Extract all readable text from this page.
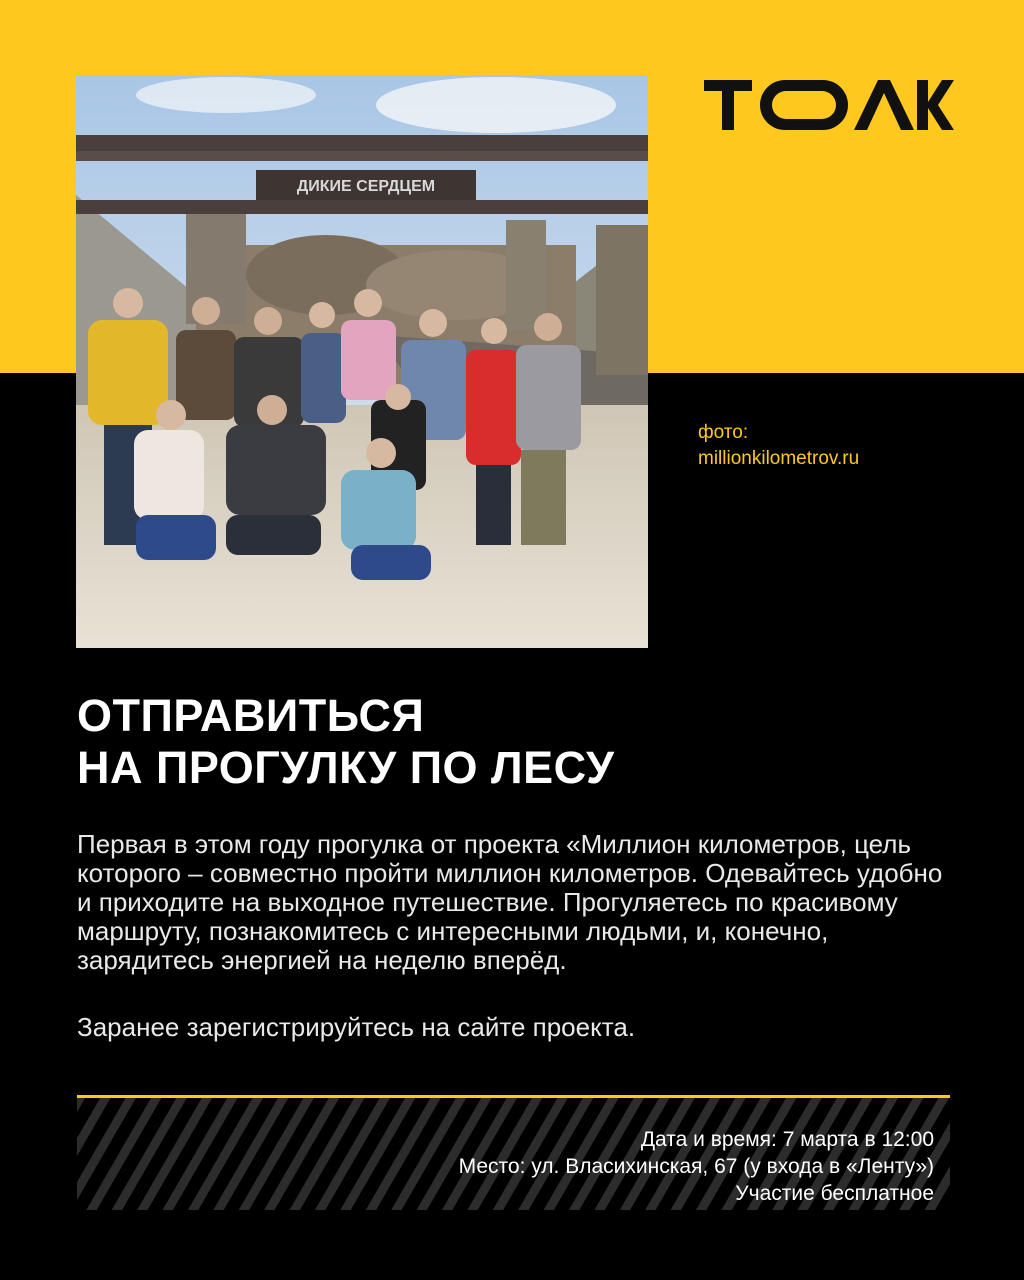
ДИКИЕ СЕРДЦЕМ
фото:
millionkilometrov.ru
ОТПРАВИТЬСЯ
НА ПРОГУЛКУ ПО ЛЕСУ

Первая в этом году прогулка от проекта «Миллион километров, цель которого – совместно пройти миллион километров. Одевайтесь удобно и приходите на выходное путешествие. Прогуляетесь по красивому маршруту, познакомитесь с интересными людьми, и, конечно, зарядитесь энергией на неделю вперёд.

Заранее зарегистрируйтесь на сайте проекта.

Дата и время: 7 марта в 12:00
Место: ул. Власихинская, 67 (у входа в «Ленту»)
Участие бесплатное
